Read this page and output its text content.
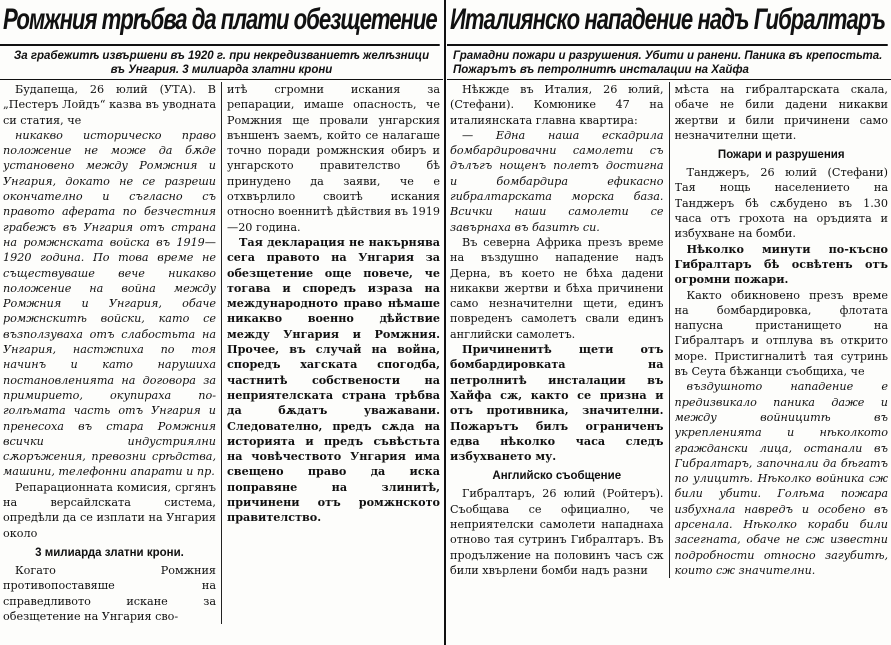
Ромжния трѣбва да плати обезщетение
За грабежитѣ извършени въ 1920 г. при некредизваниетѣ желѣзници въ Унгария. 3 милиарда златни крони

Будапеща, 26 юлий (УТА). В „Пестеръ Лойдъ“ казва въ уводната си статия, че

никакво историческо право положение не може да бѫде установено между Ромжния и Унгария, докато не се разреши окончателно и съгласно съ правото аферата по безчестния грабежъ въ Унгария отъ страна на ромжнската войска въ 1919—1920 година. По това време не съществуваше вече никакво положение на война между Ромжния и Унгария, обаче ромжнскитѣ войски, като се възползуваха отъ слабостьта на Унгария, настжпиха по тоя начинъ и като нарушиха постановленията на договора за примирието, окупираха по-голѣмата часть отъ Унгария и пренесоха въ стара Ромжния всички индустриялни сѫоръжения, превозни срѣдства, машини, телефонни апарати и пр.

Репарационната комисия, сргянъ на версайлската система, опредѣли да се изплати на Унгария около

3 милиарда златни крони.

Когато Ромжния противопоставяше на справедливото искане за обезщетение на Унгария сво-

итѣ сгромни искания за репарации, имаше опасность, че Ромжния ще провали унгарския външенъ заемъ, който се налагаше точно поради ромжнския обиръ и унгарското правителство бѣ принудено да заяви, че е отхвърлило своитѣ искания относно военнитѣ дѣйствия въ 1919—20 година.

Тая декларация не накърнява сега правото на Унгария за обезщетение още повече, че тогава и споредъ израза на международното право нѣмаше никакво военно дѣйствие между Унгария и Ромжния. Прочее, въ случай на война, споредъ хагската спогодба, частнитѣ собствености на неприятелската страна трѣбва да бѫдатъ уважавани. Следователно, предъ сѫда на историята и предъ съвѣстьта на човѣчеството Унгария има свещено право да иска поправяне на злинитѣ, причинени отъ ромжнското правителство.

Италиянско нападение надъ Гибралтаръ
Грамадни пожари и разрушения. Убити и ранени. Паника въ крепостьта. Пожарътъ въ петролнитѣ инсталации на Хайфа

Нѣкжде въ Италия, 26 юлий, (Стефани). Комюнике 47 на италиянската главна квартира:

— Една наша ескадрила бомбардировачни самолети съ дълъгъ нощенъ полетъ достигна и бомбардира ефикасно гибралтарската морска база. Всички наши самолети се завърнаха въ базитѣ си.

Въ северна Африка презъ време на въздушно нападение надъ Дерна, въ което не бѣха дадени никакви жертви и бѣха причинени само незначителни щети, единъ повреденъ самолетъ свали единъ английски самолетъ.

Причиненитѣ щети отъ бомбардировката на петролнитѣ инсталации въ Хайфа сж, както се призна и отъ противника, значителни. Пожарътъ билъ ограниченъ едва нѣколко часа следъ избухването му.

Английско съобщение

Гибралтаръ, 26 юлий (Ройтеръ). Съобщава се официално, че неприятелски самолети нападнаха отново тая сутринъ Гибралтаръ. Въ продължение на половинъ часъ сж били хвърлени бомби надъ разни

мѣста на гибралтарската скала, обаче не били дадени никакви жертви и били причинени само незначителни щети.

Пожари и разрушения

Танджеръ, 26 юлий (Стефани) Тая нощь населението на Танджеръ бѣ сѫбудено въ 1.30 часа отъ грохота на оръдията и избухване на бомби.

Нѣколко минути по-късно Гибралтаръ бѣ освѣтенъ отъ огромни пожари.

Както обикновено презъ време на бомбардировка, флотата напусна пристанището на Гибралтаръ и отплува въ открито море. Пристигналитѣ тая сутринь въ Сеута бѣжанци съобщиха, че

въздушното нападение е предизвикало паника даже и между войницитѣ въ укрепленията и нѣколкото граждански лица, останали въ Гибралтаръ, започнали да бѣгатъ по улицитѣ. Нѣколко войника сж били убити. Голѣма пожара избухнала навредъ и особено въ арсенала. Нѣколко кораби били засегната, обаче не сж известни подробности относно загубитѣ, които сж значителни.
